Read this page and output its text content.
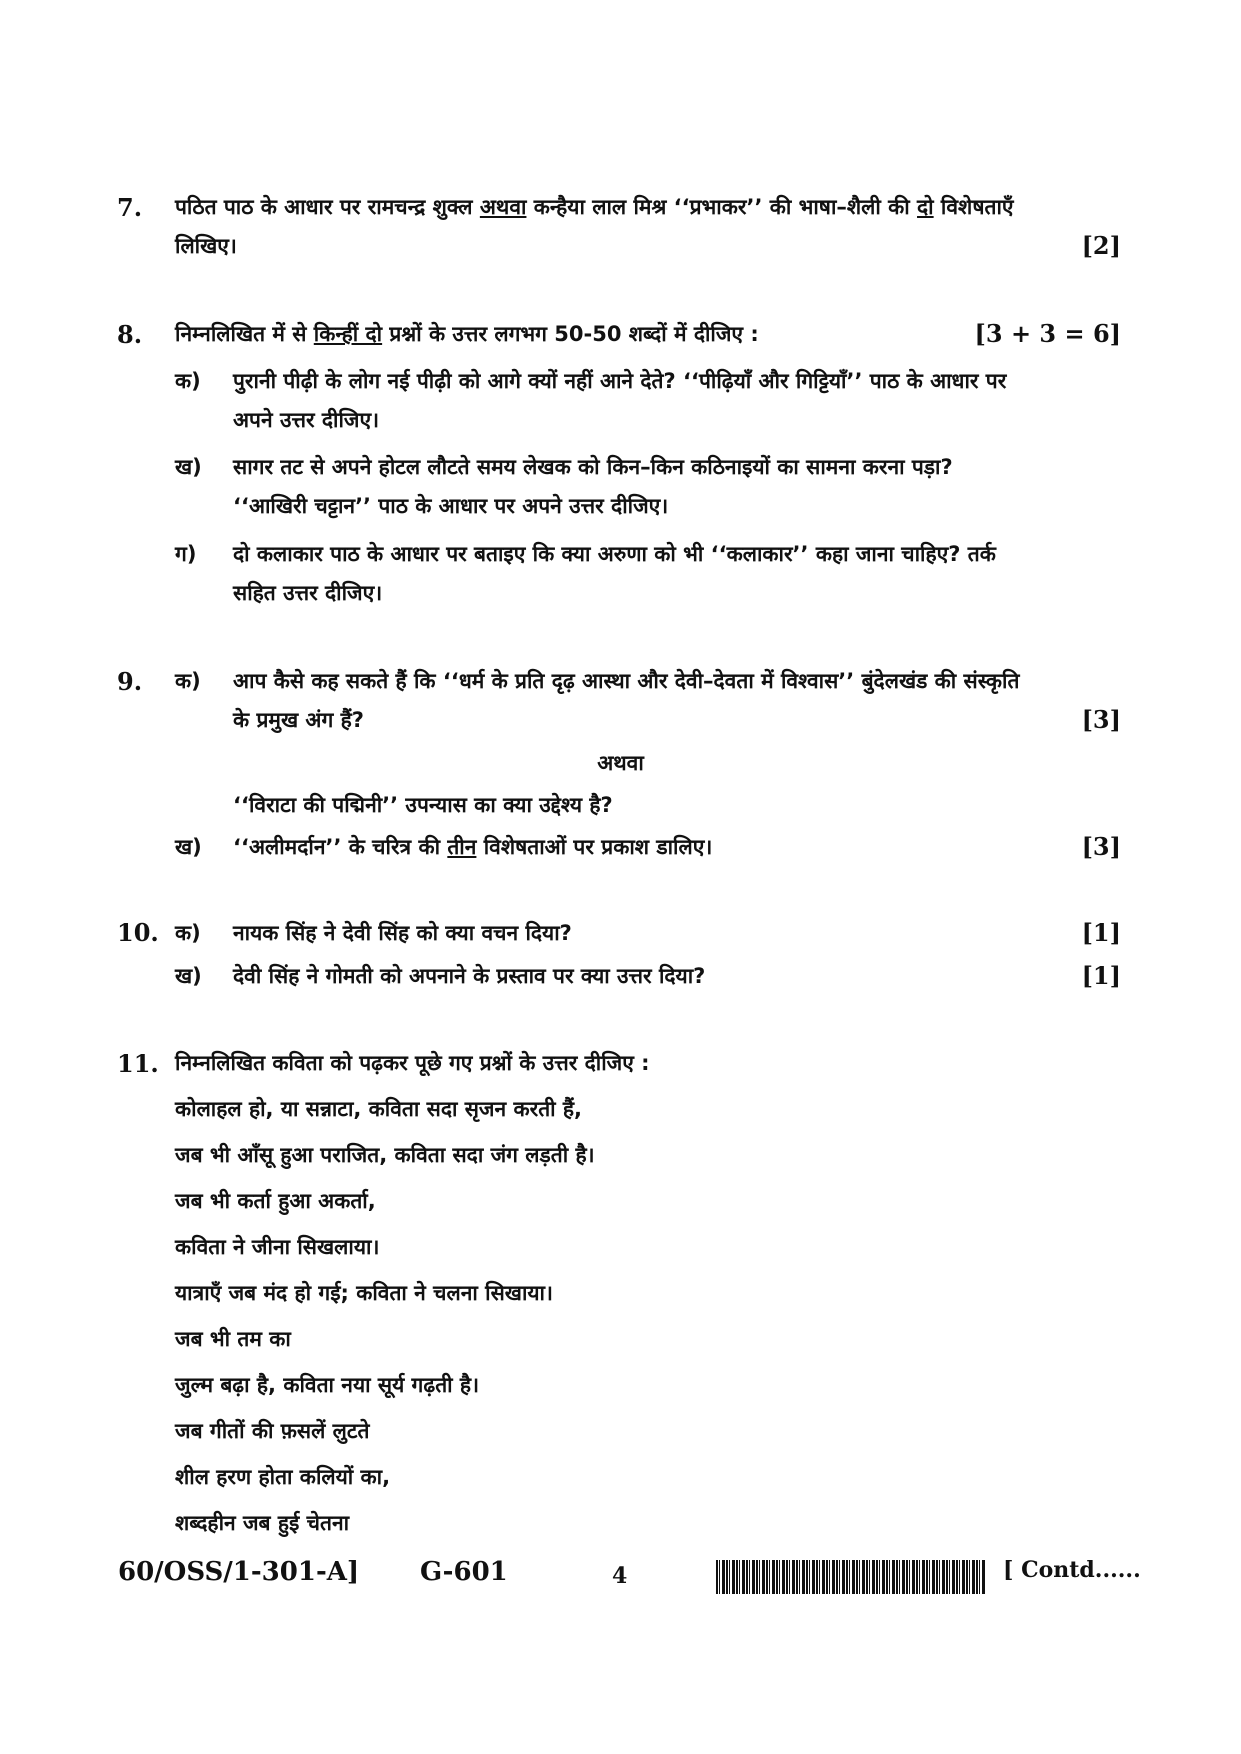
7. पठित पाठ के आधार पर रामचन्द्र शुक्ल अथवा कन्हैया लाल मिश्र ‘‘प्रभाकर’’ की भाषा–शैली की दो विशेषताएँ
लिखिए।	[2]
8. निम्नलिखित में से किन्हीं दो प्रश्नों के उत्तर लगभग 50-50 शब्दों में दीजिए :	[3 + 3 = 6]
क) पुरानी पीढ़ी के लोग नई पीढ़ी को आगे क्यों नहीं आने देते? ‘‘पीढ़ियाँ और गिट्टियाँ’’ पाठ के आधार पर
अपने उत्तर दीजिए।
ख) सागर तट से अपने होटल लौटते समय लेखक को किन–किन कठिनाइयों का सामना करना पड़ा?
‘‘आखिरी चट्टान’’ पाठ के आधार पर अपने उत्तर दीजिए।
ग) दो कलाकार पाठ के आधार पर बताइए कि क्या अरुणा को भी ‘‘कलाकार’’ कहा जाना चाहिए? तर्क
सहित उत्तर दीजिए।
9. क) आप कैसे कह सकते हैं कि ‘‘धर्म के प्रति दृढ़ आस्था और देवी–देवता में विश्वास’’ बुंदेलखंड की संस्कृति
के प्रमुख अंग हैं?	[3]
अथवा
‘‘विराटा की पद्मिनी’’ उपन्यास का क्या उद्देश्य है?
ख) ‘‘अलीमर्दान’’ के चरित्र की तीन विशेषताओं पर प्रकाश डालिए।	[3]
10. क) नायक सिंह ने देवी सिंह को क्या वचन दिया?	[1]
ख) देवी सिंह ने गोमती को अपनाने के प्रस्ताव पर क्या उत्तर दिया?	[1]
11. निम्नलिखित कविता को पढ़कर पूछे गए प्रश्नों के उत्तर दीजिए :
कोलाहल हो, या सन्नाटा, कविता सदा सृजन करती हैं,
जब भी आँसू हुआ पराजित, कविता सदा जंग लड़ती है।
जब भी कर्ता हुआ अकर्ता,
कविता ने जीना सिखलाया।
यात्राएँ जब मंद हो गई; कविता ने चलना सिखाया।
जब भी तम का
जुल्म बढ़ा है, कविता नया सूर्य गढ़ती है।
जब गीतों की फ़सलें लुटते
शील हरण होता कलियों का,
शब्दहीन जब हुई चेतना
60/OSS/1-301-A] G-601	4	[ Contd......
